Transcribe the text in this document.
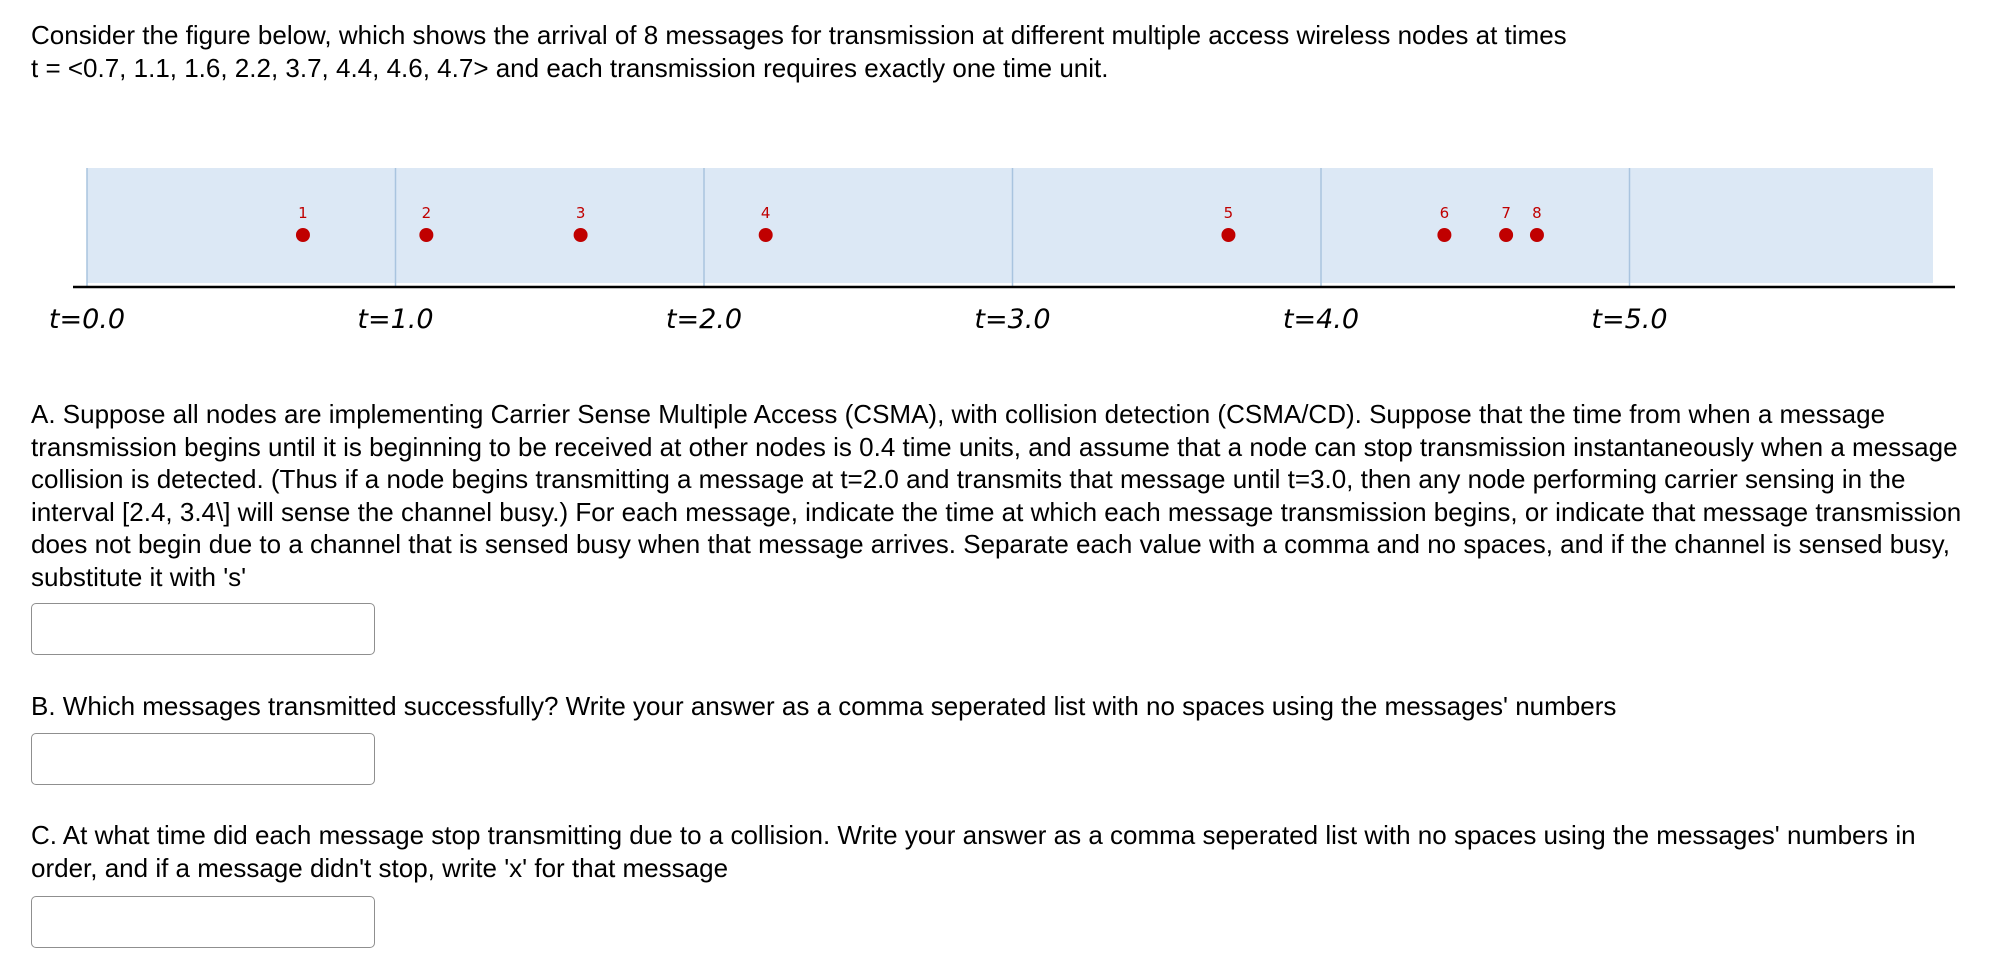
Consider the figure below, which shows the arrival of 8 messages for transmission at different multiple access wireless nodes at times
t = <0.7, 1.1, 1.6, 2.2, 3.7, 4.4, 4.6, 4.7> and each transmission requires exactly one time unit.

t=0.0	t=1.0	t=2.0	t=3.0	t=4.0	t=5.0
1	2	3	4	5	6	7 8
A. Suppose all nodes are implementing Carrier Sense Multiple Access (CSMA), with collision detection (CSMA/CD). Suppose that the time from when a message transmission begins until it is beginning to be received at other nodes is 0.4 time units, and assume that a node can stop transmission instantaneously when a message collision is detected. (Thus if a node begins transmitting a message at t=2.0 and transmits that message until t=3.0, then any node performing carrier sensing in the interval [2.4, 3.4\] will sense the channel busy.) For each message, indicate the time at which each message transmission begins, or indicate that message transmission does not begin due to a channel that is sensed busy when that message arrives. Separate each value with a comma and no spaces, and if the channel is sensed busy, substitute it with 's'
B. Which messages transmitted successfully? Write your answer as a comma seperated list with no spaces using the messages' numbers

C. At what time did each message stop transmitting due to a collision. Write your answer as a comma seperated list with no spaces using the messages' numbers in
order, and if a message didn't stop, write 'x' for that message
